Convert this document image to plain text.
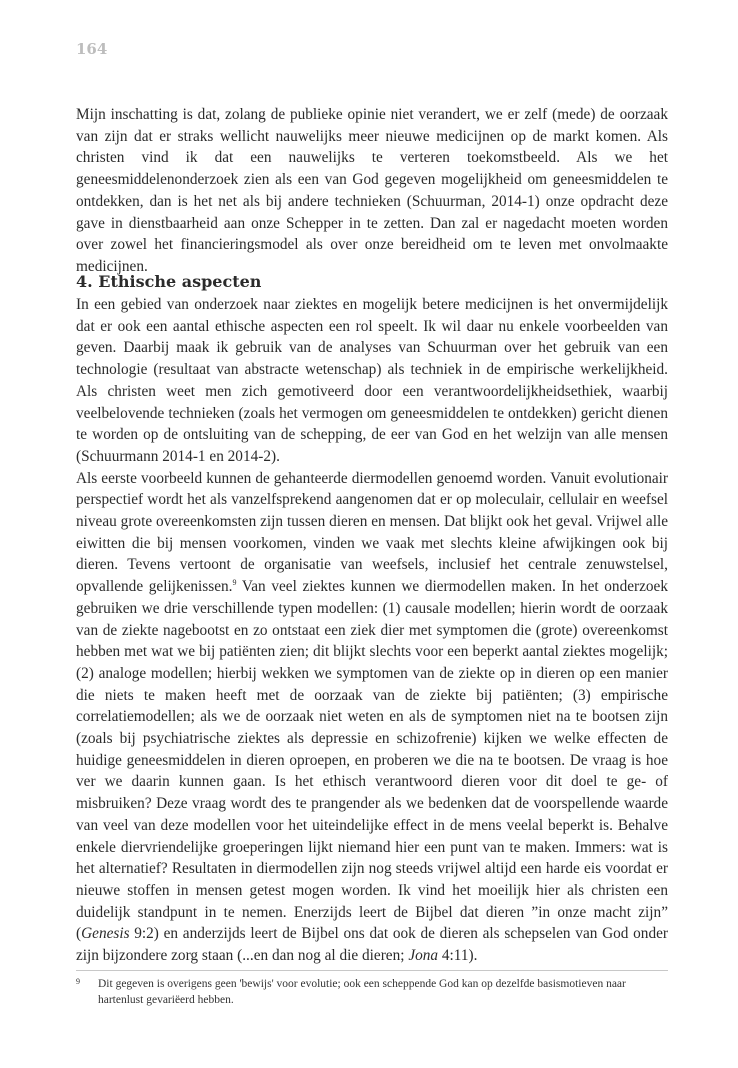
164

Mijn inschatting is dat, zolang de publieke opinie niet verandert, we er zelf (mede) de oorzaak van zijn dat er straks wellicht nauwelijks meer nieuwe medicijnen op de markt komen. Als christen vind ik dat een nauwelijks te verteren toekomstbeeld. Als we het geneesmiddelenonderzoek zien als een van God gegeven mogelijkheid om geneesmiddelen te ontdekken, dan is het net als bij andere technieken (Schuurman, 2014-1) onze opdracht deze gave in dienstbaarheid aan onze Schepper in te zetten. Dan zal er nagedacht moeten worden over zowel het financieringsmodel als over onze bereidheid om te leven met onvolmaakte medicijnen.

4. Ethische aspecten

In een gebied van onderzoek naar ziektes en mogelijk betere medicijnen is het onvermijdelijk dat er ook een aantal ethische aspecten een rol speelt. Ik wil daar nu enkele voorbeelden van geven. Daarbij maak ik gebruik van de analyses van Schuurman over het gebruik van een technologie (resultaat van abstracte wetenschap) als techniek in de empirische werkelijkheid. Als christen weet men zich gemotiveerd door een verantwoordelijkheidsethiek, waarbij veelbelovende technieken (zoals het vermogen om geneesmiddelen te ontdekken) gericht dienen te worden op de ontsluiting van de schepping, de eer van God en het welzijn van alle mensen (Schuurmann 2014-1 en 2014-2).

Als eerste voorbeeld kunnen de gehanteerde diermodellen genoemd worden. Vanuit evolutionair perspectief wordt het als vanzelfsprekend aangenomen dat er op moleculair, cellulair en weefsel niveau grote overeenkomsten zijn tussen dieren en mensen. Dat blijkt ook het geval. Vrijwel alle eiwitten die bij mensen voorkomen, vinden we vaak met slechts kleine afwijkingen ook bij dieren. Tevens vertoont de organisatie van weefsels, inclusief het centrale zenuwstelsel, opvallende gelijkenissen.$^9$ Van veel ziektes kunnen we diermodellen maken. In het onderzoek gebruiken we drie verschillende typen modellen: (1) causale modellen; hierin wordt de oorzaak van de ziekte nagebootst en zo ontstaat een ziek dier met symptomen die (grote) overeenkomst hebben met wat we bij patiënten zien; dit blijkt slechts voor een beperkt aantal ziektes mogelijk; (2) analoge modellen; hierbij wekken we symptomen van de ziekte op in dieren op een manier die niets te maken heeft met de oorzaak van de ziekte bij patiënten; (3) empirische correlatiemodellen; als we de oorzaak niet weten en als de symptomen niet na te bootsen zijn (zoals bij psychiatrische ziektes als depressie en schizofrenie) kijken we welke effecten de huidige geneesmiddelen in dieren oproepen, en proberen we die na te bootsen. De vraag is hoe ver we daarin kunnen gaan. Is het ethisch verantwoord dieren voor dit doel te ge- of misbruiken? Deze vraag wordt des te prangender als we bedenken dat de voorspellende waarde van veel van deze modellen voor het uiteindelijke effect in de mens veelal beperkt is. Behalve enkele diervriendelijke groeperingen lijkt niemand hier een punt van te maken. Immers: wat is het alternatief? Resultaten in diermodellen zijn nog steeds vrijwel altijd een harde eis voordat er nieuwe stoffen in mensen getest mogen worden. Ik vind het moeilijk hier als christen een duidelijk standpunt in te nemen. Enerzijds leert de Bijbel dat dieren ”in onze macht zijn” (Genesis 9:2) en anderzijds leert de Bijbel ons dat ook de dieren als schepselen van God onder zijn bijzondere zorg staan (...en dan nog al die dieren; Jona 4:11).

9 Dit gegeven is overigens geen 'bewijs' voor evolutie; ook een scheppende God kan op dezelfde basismotieven naar hartenlust gevariëerd hebben.
